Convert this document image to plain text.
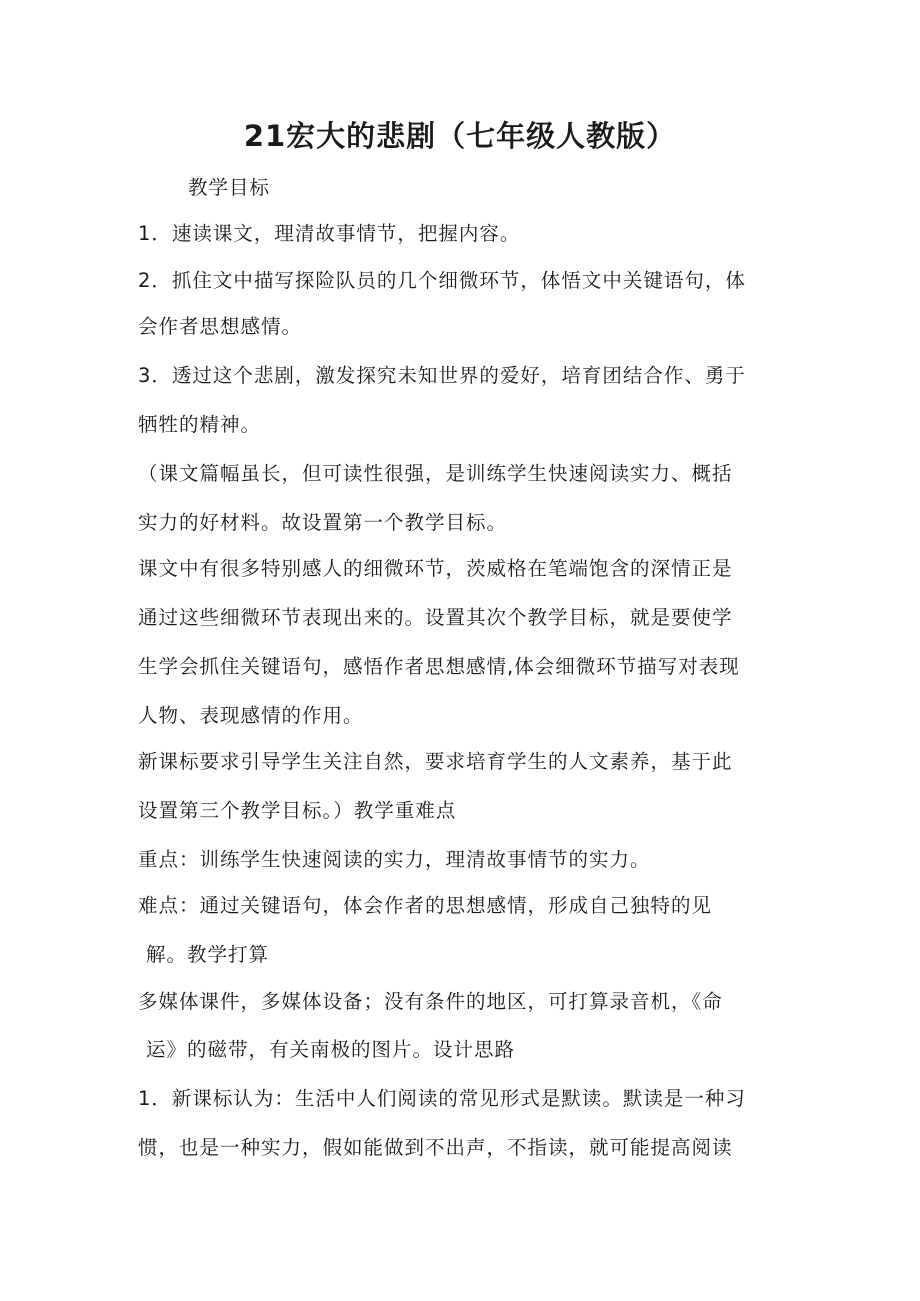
21宏大的悲剧（七年级人教版）
教学目标
1．速读课文，理清故事情节，把握内容。
2．抓住文中描写探险队员的几个细微环节，体悟文中关键语句，体
会作者思想感情。
3．透过这个悲剧，激发探究未知世界的爱好，培育团结合作、勇于
牺牲的精神。
（课文篇幅虽长，但可读性很强，是训练学生快速阅读实力、概括
实力的好材料。故设置第一个教学目标。
课文中有很多特别感人的细微环节，茨威格在笔端饱含的深情正是
通过这些细微环节表现出来的。设置其次个教学目标，就是要使学
生学会抓住关键语句，感悟作者思想感情,体会细微环节描写对表现
人物、表现感情的作用。
新课标要求引导学生关注自然，要求培育学生的人文素养，基于此
设置第三个教学目标。）教学重难点
重点：训练学生快速阅读的实力，理清故事情节的实力。
难点：通过关键语句，体会作者的思想感情，形成自己独特的见
解。教学打算
多媒体课件，多媒体设备；没有条件的地区，可打算录音机，《命
运》的磁带，有关南极的图片。设计思路
1．新课标认为：生活中人们阅读的常见形式是默读。默读是一种习
惯，也是一种实力，假如能做到不出声，不指读，就可能提高阅读
